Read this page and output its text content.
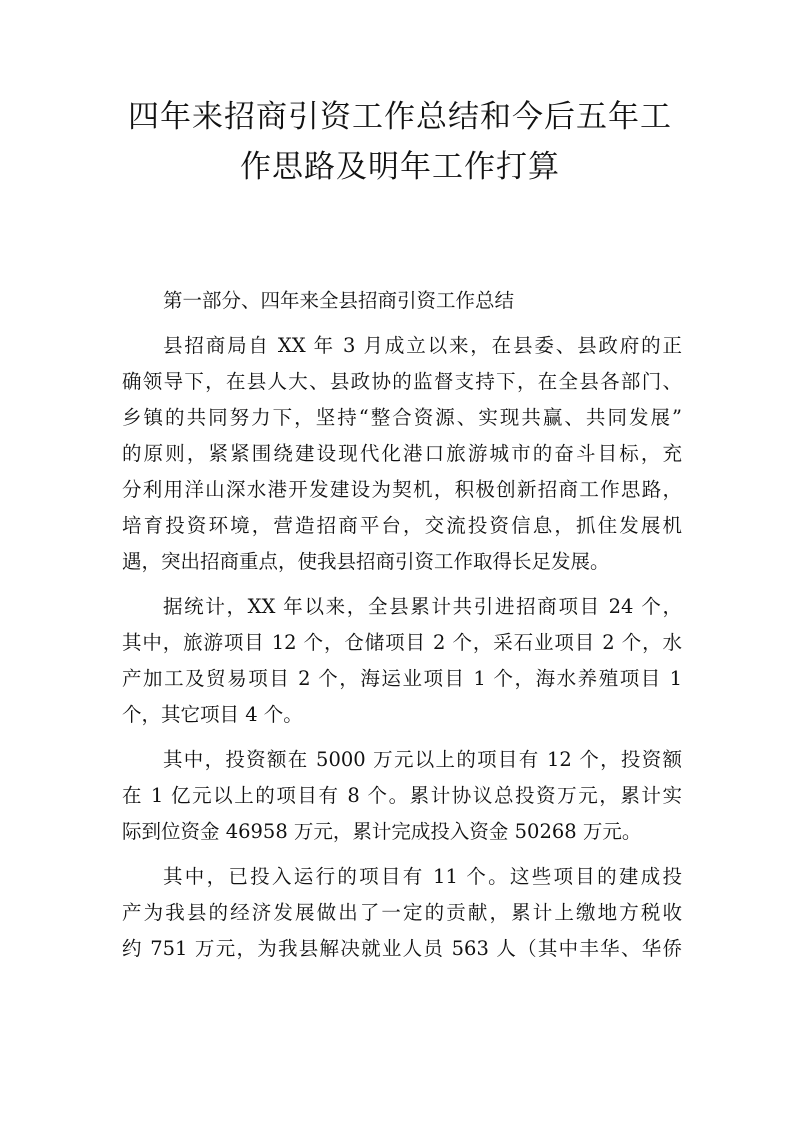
四年来招商引资工作总结和今后五年工
作思路及明年工作打算
第一部分、四年来全县招商引资工作总结
县招商局自 XX 年 3 月成立以来，在县委、县政府的正
确领导下，在县人大、县政协的监督支持下，在全县各部门、
乡镇的共同努力下，坚持“整合资源、实现共赢、共同发展”
的原则，紧紧围绕建设现代化港口旅游城市的奋斗目标，充
分利用洋山深水港开发建设为契机，积极创新招商工作思路，
培育投资环境，营造招商平台，交流投资信息，抓住发展机
遇，突出招商重点，使我县招商引资工作取得长足发展。
据统计，XX 年以来，全县累计共引进招商项目 24 个，
其中，旅游项目 12 个，仓储项目 2 个，采石业项目 2 个，水
产加工及贸易项目 2 个，海运业项目 1 个，海水养殖项目 1
个，其它项目 4 个。
其中，投资额在 5000 万元以上的项目有 12 个，投资额
在 1 亿元以上的项目有 8 个。累计协议总投资万元，累计实
际到位资金 46958 万元，累计完成投入资金 50268 万元。
其中，已投入运行的项目有 11 个。这些项目的建成投
产为我县的经济发展做出了一定的贡献，累计上缴地方税收
约 751 万元，为我县解决就业人员 563 人（其中丰华、华侨
